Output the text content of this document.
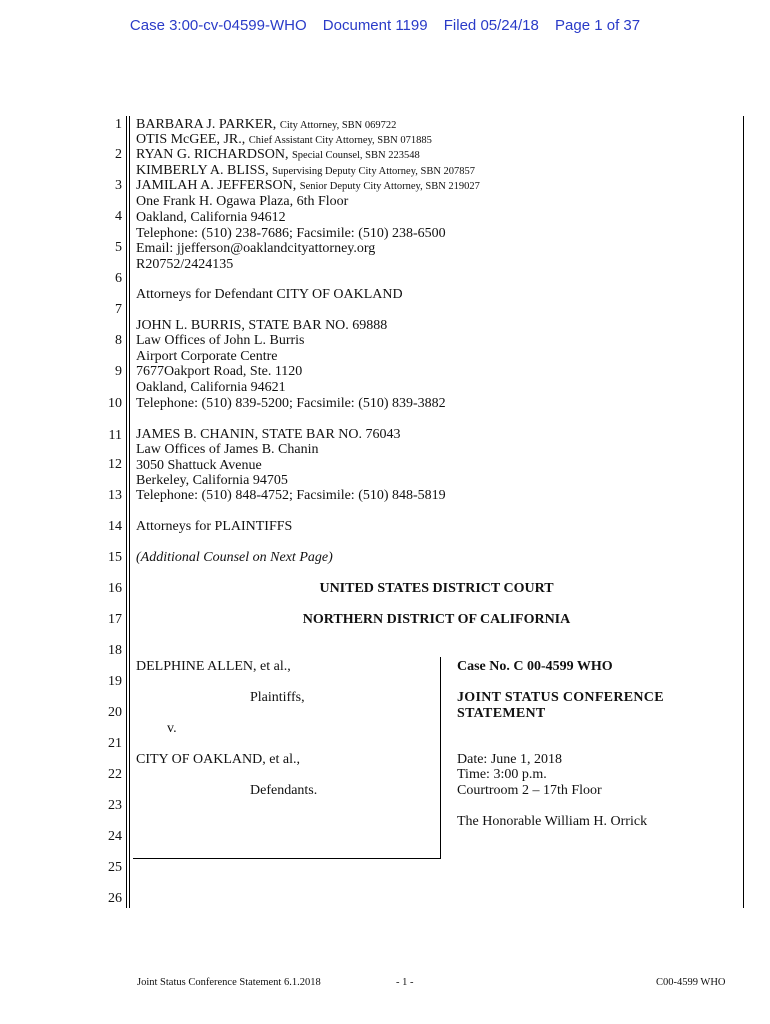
Case 3:00-cv-04599-WHO Document 1199 Filed 05/24/18 Page 1 of 37
1
2
3
4
5
6
7
8
9
10
11
12
13
14
15
16
17
18
19
20
21
22
23
24
25
26
BARBARA J. PARKER, City Attorney, SBN 069722
OTIS McGEE, JR., Chief Assistant City Attorney, SBN 071885
RYAN G. RICHARDSON, Special Counsel, SBN 223548
KIMBERLY A. BLISS, Supervising Deputy City Attorney, SBN 207857
JAMILAH A. JEFFERSON, Senior Deputy City Attorney, SBN 219027
One Frank H. Ogawa Plaza, 6th Floor
Oakland, California 94612
Telephone: (510) 238-7686; Facsimile: (510) 238-6500
Email: jjefferson@oaklandcityattorney.org
R20752/2424135
Attorneys for Defendant CITY OF OAKLAND
JOHN L. BURRIS, STATE BAR NO. 69888
Law Offices of John L. Burris
Airport Corporate Centre
7677Oakport Road, Ste. 1120
Oakland, California 94621
Telephone: (510) 839-5200; Facsimile: (510) 839-3882
JAMES B. CHANIN, STATE BAR NO. 76043
Law Offices of James B. Chanin
3050 Shattuck Avenue
Berkeley, California 94705
Telephone: (510) 848-4752; Facsimile: (510) 848-5819
Attorneys for PLAINTIFFS
(Additional Counsel on Next Page)
UNITED STATES DISTRICT COURT
NORTHERN DISTRICT OF CALIFORNIA
DELPHINE ALLEN, et al.,
Plaintiffs,
v.
CITY OF OAKLAND, et al.,
Defendants.
Case No. C 00-4599 WHO
JOINT STATUS CONFERENCE
STATEMENT
Date: June 1, 2018
Time: 3:00 p.m.
Courtroom 2 – 17th Floor
The Honorable William H. Orrick
Joint Status Conference Statement 6.1.2018	- 1 -	C00-4599 WHO
